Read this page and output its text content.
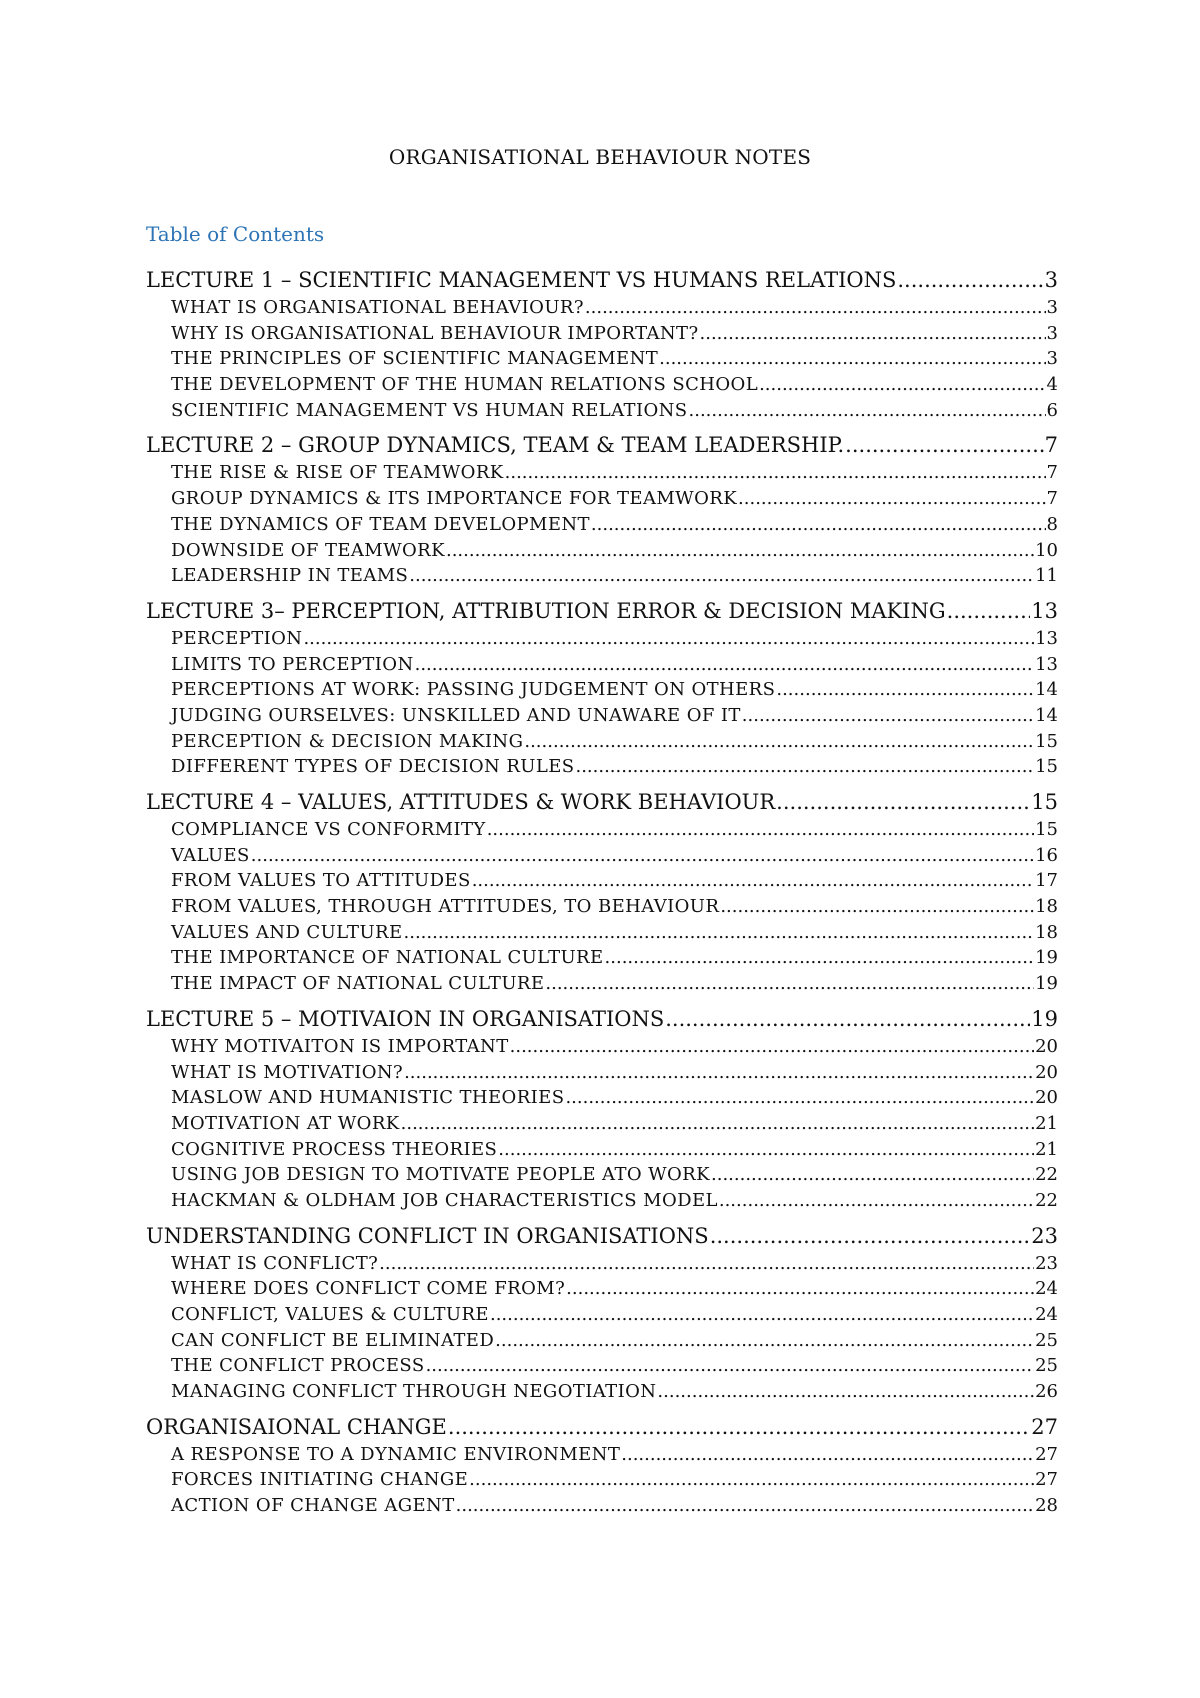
ORGANISATIONAL BEHAVIOUR NOTES
Table of Contents
LECTURE 1 – SCIENTIFIC MANAGEMENT VS HUMANS RELATIONS .....	3
WHAT IS ORGANISATIONAL BEHAVIOUR? .....	3
WHY IS ORGANISATIONAL BEHAVIOUR IMPORTANT? .....	3
THE PRINCIPLES OF SCIENTIFIC MANAGEMENT .....	3
THE DEVELOPMENT OF THE HUMAN RELATIONS SCHOOL .....	4
SCIENTIFIC MANAGEMENT VS HUMAN RELATIONS .....	6
LECTURE 2 – GROUP DYNAMICS, TEAM & TEAM LEADERSHIP. .....	7
THE RISE & RISE OF TEAMWORK .....	7
GROUP DYNAMICS & ITS IMPORTANCE FOR TEAMWORK .....	7
THE DYNAMICS OF TEAM DEVELOPMENT .....	8
DOWNSIDE OF TEAMWORK .....	10
LEADERSHIP IN TEAMS .....	11
LECTURE 3– PERCEPTION, ATTRIBUTION ERROR & DECISION MAKING .....	13
PERCEPTION .....	13
LIMITS TO PERCEPTION .....	13
PERCEPTIONS AT WORK: PASSING JUDGEMENT ON OTHERS .....	14
JUDGING OURSELVES: UNSKILLED AND UNAWARE OF IT .....	14
PERCEPTION & DECISION MAKING .....	15
DIFFERENT TYPES OF DECISION RULES .....	15
LECTURE 4 – VALUES, ATTITUDES & WORK BEHAVIOUR .....	15
COMPLIANCE VS CONFORMITY .....	15
VALUES .....	16
FROM VALUES TO ATTITUDES .....	17
FROM VALUES, THROUGH ATTITUDES, TO BEHAVIOUR .....	18
VALUES AND CULTURE .....	18
THE IMPORTANCE OF NATIONAL CULTURE .....	19
THE IMPACT OF NATIONAL CULTURE .....	19
LECTURE 5 – MOTIVAION IN ORGANISATIONS .....	19
WHY MOTIVAITON IS IMPORTANT .....	20
WHAT IS MOTIVATION? .....	20
MASLOW AND HUMANISTIC THEORIES .....	20
MOTIVATION AT WORK .....	21
COGNITIVE PROCESS THEORIES .....	21
USING JOB DESIGN TO MOTIVATE PEOPLE ATO WORK .....	22
HACKMAN & OLDHAM JOB CHARACTERISTICS MODEL .....	22
UNDERSTANDING CONFLICT IN ORGANISATIONS .....	23
WHAT IS CONFLICT? .....	23
WHERE DOES CONFLICT COME FROM? .....	24
CONFLICT, VALUES & CULTURE .....	24
CAN CONFLICT BE ELIMINATED .....	25
THE CONFLICT PROCESS .....	25
MANAGING CONFLICT THROUGH NEGOTIATION .....	26
ORGANISAIONAL CHANGE .....	27
A RESPONSE TO A DYNAMIC ENVIRONMENT .....	27
FORCES INITIATING CHANGE .....	27
ACTION OF CHANGE AGENT .....	28
